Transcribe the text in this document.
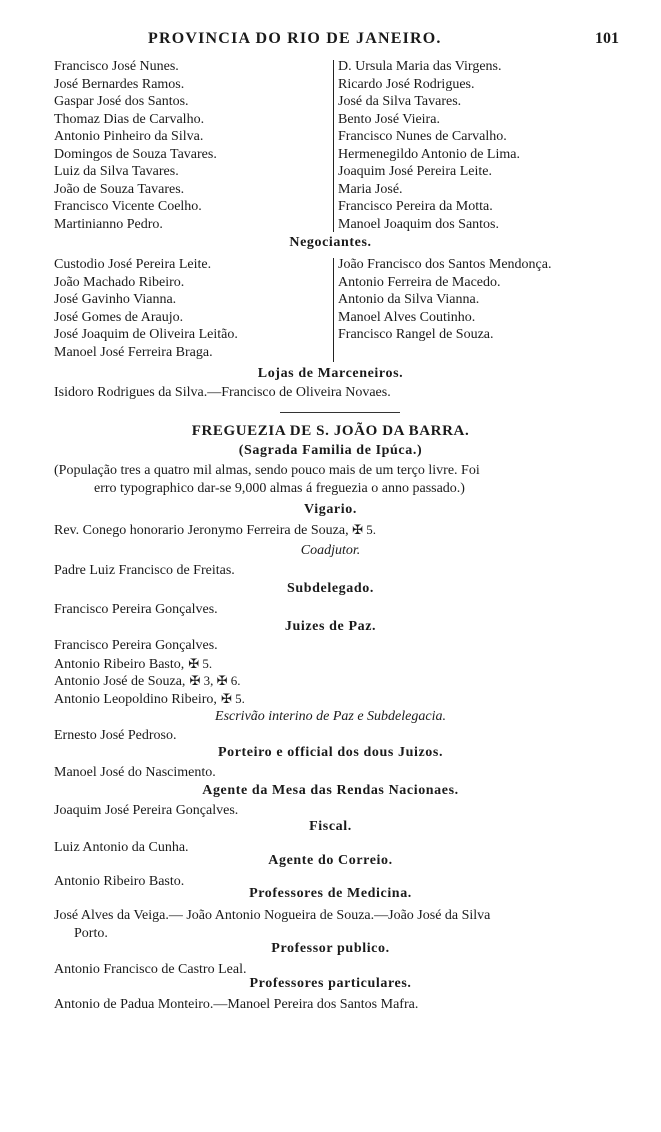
PROVINCIA DO RIO DE JANEIRO.	101
Francisco José Nunes.
José Bernardes Ramos.
Gaspar José dos Santos.
Thomaz Dias de Carvalho.
Antonio Pinheiro da Silva.
Domingos de Souza Tavares.
Luiz da Silva Tavares.
João de Souza Tavares.
Francisco Vicente Coelho.
Martinianno Pedro.
D. Ursula Maria das Virgens.
Ricardo José Rodrigues.
José da Silva Tavares.
Bento José Vieira.
Francisco Nunes de Carvalho.
Hermenegildo Antonio de Lima.
Joaquim José Pereira Leite.
Maria José.
Francisco Pereira da Motta.
Manoel Joaquim dos Santos.
Negociantes.
Custodio José Pereira Leite.
João Machado Ribeiro.
José Gavinho Vianna.
José Gomes de Araujo.
José Joaquim de Oliveira Leitão.
Manoel José Ferreira Braga.
João Francisco dos Santos Mendonça.
Antonio Ferreira de Macedo.
Antonio da Silva Vianna.
Manoel Alves Coutinho.
Francisco Rangel de Souza.
Lojas de Marceneiros.
Isidoro Rodrigues da Silva.—Francisco de Oliveira Novaes.
FREGUEZIA DE S. JOÃO DA BARRA.
(Sagrada Familia de Ipúca.)
(População tres a quatro mil almas, sendo pouco mais de um terço livre. Foi
erro typographico dar-se 9,000 almas á freguezia o anno passado.)
Vigario.
Rev. Conego honorario Jeronymo Ferreira de Souza, ✠ 5.
Coadjutor.
Padre Luiz Francisco de Freitas.
Subdelegado.
Francisco Pereira Gonçalves.
Juizes de Paz.
Francisco Pereira Gonçalves.
Antonio Ribeiro Basto, ✠ 5.
Antonio José de Souza, ✠ 3, ✠ 6.
Antonio Leopoldino Ribeiro, ✠ 5.
Escrivão interino de Paz e Subdelegacia.
Ernesto José Pedroso.
Porteiro e official dos dous Juizos.
Manoel José do Nascimento.
Agente da Mesa das Rendas Nacionaes.
Joaquim José Pereira Gonçalves.
Fiscal.
Luiz Antonio da Cunha.
Agente do Correio.
Antonio Ribeiro Basto.
Professores de Medicina.
José Alves da Veiga.— João Antonio Nogueira de Souza.—João José da Silva
Porto.
Professor publico.
Antonio Francisco de Castro Leal.
Professores particulares.
Antonio de Padua Monteiro.—Manoel Pereira dos Santos Mafra.
